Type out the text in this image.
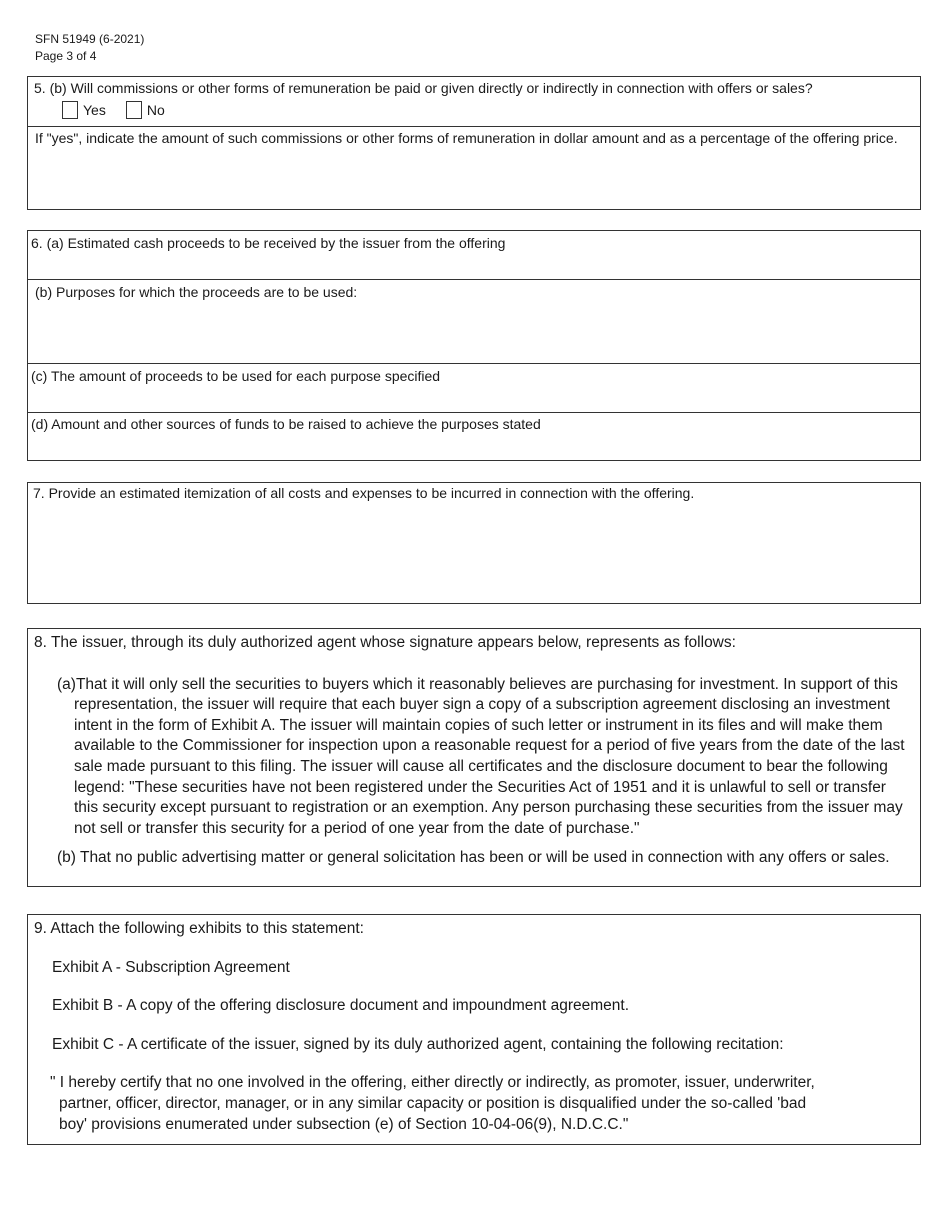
SFN 51949 (6-2021)
Page 3 of 4
5. (b) Will commissions or other forms of remuneration be paid or given directly or indirectly in connection with offers or sales?
Yes	No
If "yes", indicate the amount of such commissions or other forms of remuneration in dollar amount and as a percentage of the offering price.
6. (a) Estimated cash proceeds to be received by the issuer from the offering
(b) Purposes for which the proceeds are to be used:
(c) The amount of proceeds to be used for each purpose specified
(d) Amount and other sources of funds to be raised to achieve the purposes stated
7. Provide an estimated itemization of all costs and expenses to be incurred in connection with the offering.

8. The issuer, through its duly authorized agent whose signature appears below, represents as follows:

(a)That it will only sell the securities to buyers which it reasonably believes are purchasing for investment. In support of this representation, the issuer will require that each buyer sign a copy of a subscription agreement disclosing an investment intent in the form of Exhibit A. The issuer will maintain copies of such letter or instrument in its files and will make them available to the Commissioner for inspection upon a reasonable request for a period of five years from the date of the last sale made pursuant to this filing. The issuer will cause all certificates and the disclosure document to bear the following legend: "These securities have not been registered under the Securities Act of 1951 and it is unlawful to sell or transfer this security except pursuant to registration or an exemption. Any person purchasing these securities from the issuer may not sell or transfer this security for a period of one year from the date of purchase."

(b) That no public advertising matter or general solicitation has been or will be used in connection with any offers or sales.

9. Attach the following exhibits to this statement:

Exhibit A - Subscription Agreement

Exhibit B - A copy of the offering disclosure document and impoundment agreement.

Exhibit C - A certificate of the issuer, signed by its duly authorized agent, containing the following recitation:

" I hereby certify that no one involved in the offering, either directly or indirectly, as promoter, issuer, underwriter, partner, officer, director, manager, or in any similar capacity or position is disqualified under the so-called 'bad boy' provisions enumerated under subsection (e) of Section 10-04-06(9), N.D.C.C."
